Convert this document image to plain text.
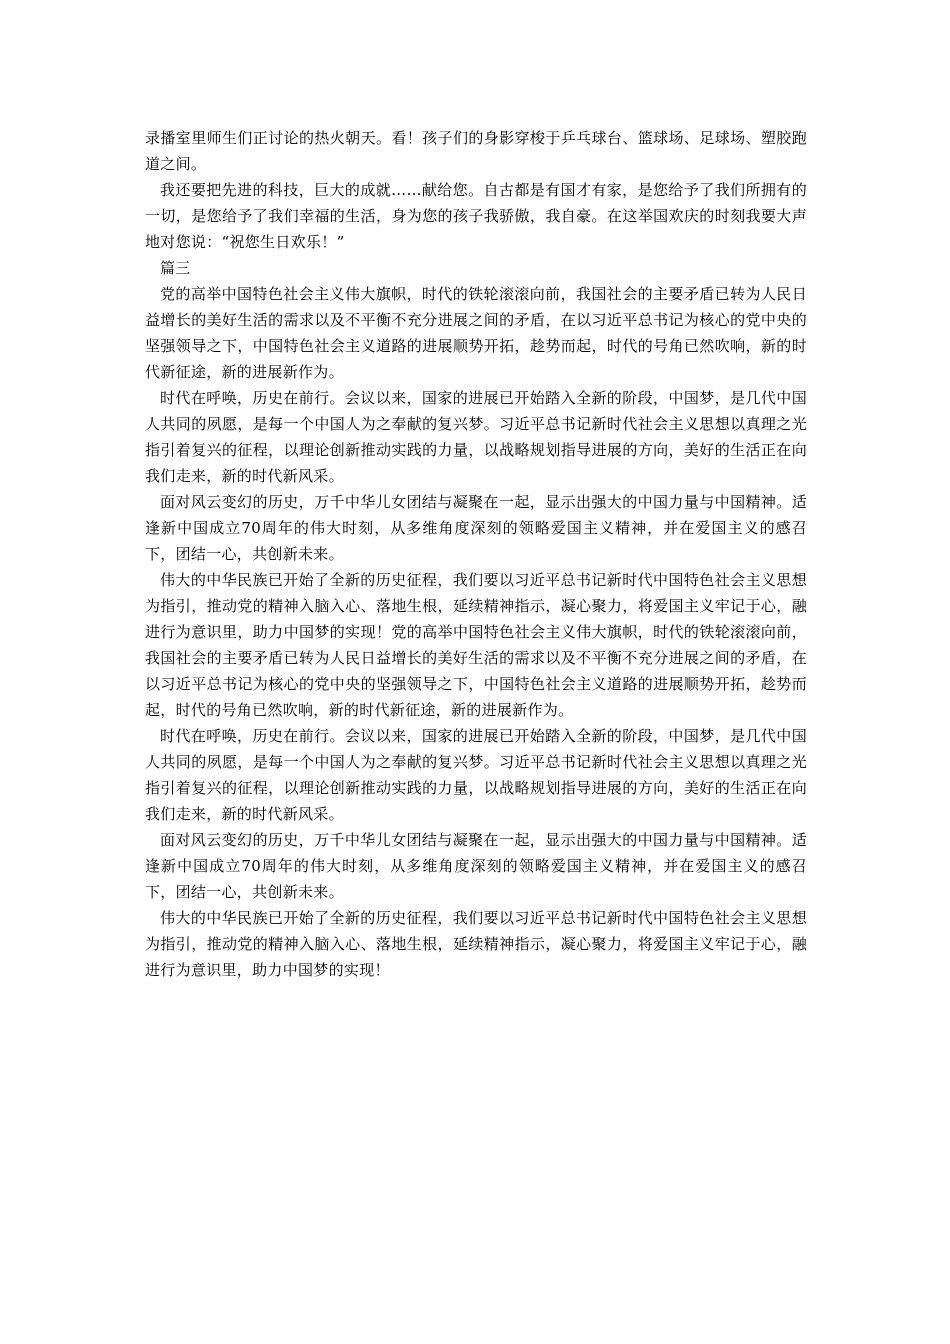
录播室里师生们正讨论的热火朝天。看！孩子们的身影穿梭于乒乓球台、篮球场、足球场、塑胶跑道之间。

我还要把先进的科技，巨大的成就……献给您。自古都是有国才有家，是您给予了我们所拥有的一切，是您给予了我们幸福的生活，身为您的孩子我骄傲，我自豪。在这举国欢庆的时刻我要大声地对您说：“祝您生日欢乐！”

篇三

党的高举中国特色社会主义伟大旗帜，时代的铁轮滚滚向前，我国社会的主要矛盾已转为人民日益增长的美好生活的需求以及不平衡不充分进展之间的矛盾，在以习近平总书记为核心的党中央的坚强领导之下，中国特色社会主义道路的进展顺势开拓，趁势而起，时代的号角已然吹响，新的时代新征途，新的进展新作为。

时代在呼唤，历史在前行。会议以来，国家的进展已开始踏入全新的阶段，中国梦，是几代中国人共同的夙愿，是每一个中国人为之奉献的复兴梦。习近平总书记新时代社会主义思想以真理之光指引着复兴的征程，以理论创新推动实践的力量，以战略规划指导进展的方向，美好的生活正在向我们走来，新的时代新风采。

面对风云变幻的历史，万千中华儿女团结与凝聚在一起，显示出强大的中国力量与中国精神。适逢新中国成立70周年的伟大时刻，从多维角度深刻的领略爱国主义精神，并在爱国主义的感召下，团结一心，共创新未来。

伟大的中华民族已开始了全新的历史征程，我们要以习近平总书记新时代中国特色社会主义思想为指引，推动党的精神入脑入心、落地生根，延续精神指示，凝心聚力，将爱国主义牢记于心，融进行为意识里，助力中国梦的实现！党的高举中国特色社会主义伟大旗帜，时代的铁轮滚滚向前，我国社会的主要矛盾已转为人民日益增长的美好生活的需求以及不平衡不充分进展之间的矛盾，在以习近平总书记为核心的党中央的坚强领导之下，中国特色社会主义道路的进展顺势开拓，趁势而起，时代的号角已然吹响，新的时代新征途，新的进展新作为。

时代在呼唤，历史在前行。会议以来，国家的进展已开始踏入全新的阶段，中国梦，是几代中国人共同的夙愿，是每一个中国人为之奉献的复兴梦。习近平总书记新时代社会主义思想以真理之光指引着复兴的征程，以理论创新推动实践的力量，以战略规划指导进展的方向，美好的生活正在向我们走来，新的时代新风采。

面对风云变幻的历史，万千中华儿女团结与凝聚在一起，显示出强大的中国力量与中国精神。适逢新中国成立70周年的伟大时刻，从多维角度深刻的领略爱国主义精神，并在爱国主义的感召下，团结一心，共创新未来。

伟大的中华民族已开始了全新的历史征程，我们要以习近平总书记新时代中国特色社会主义思想为指引，推动党的精神入脑入心、落地生根，延续精神指示，凝心聚力，将爱国主义牢记于心，融进行为意识里，助力中国梦的实现！
